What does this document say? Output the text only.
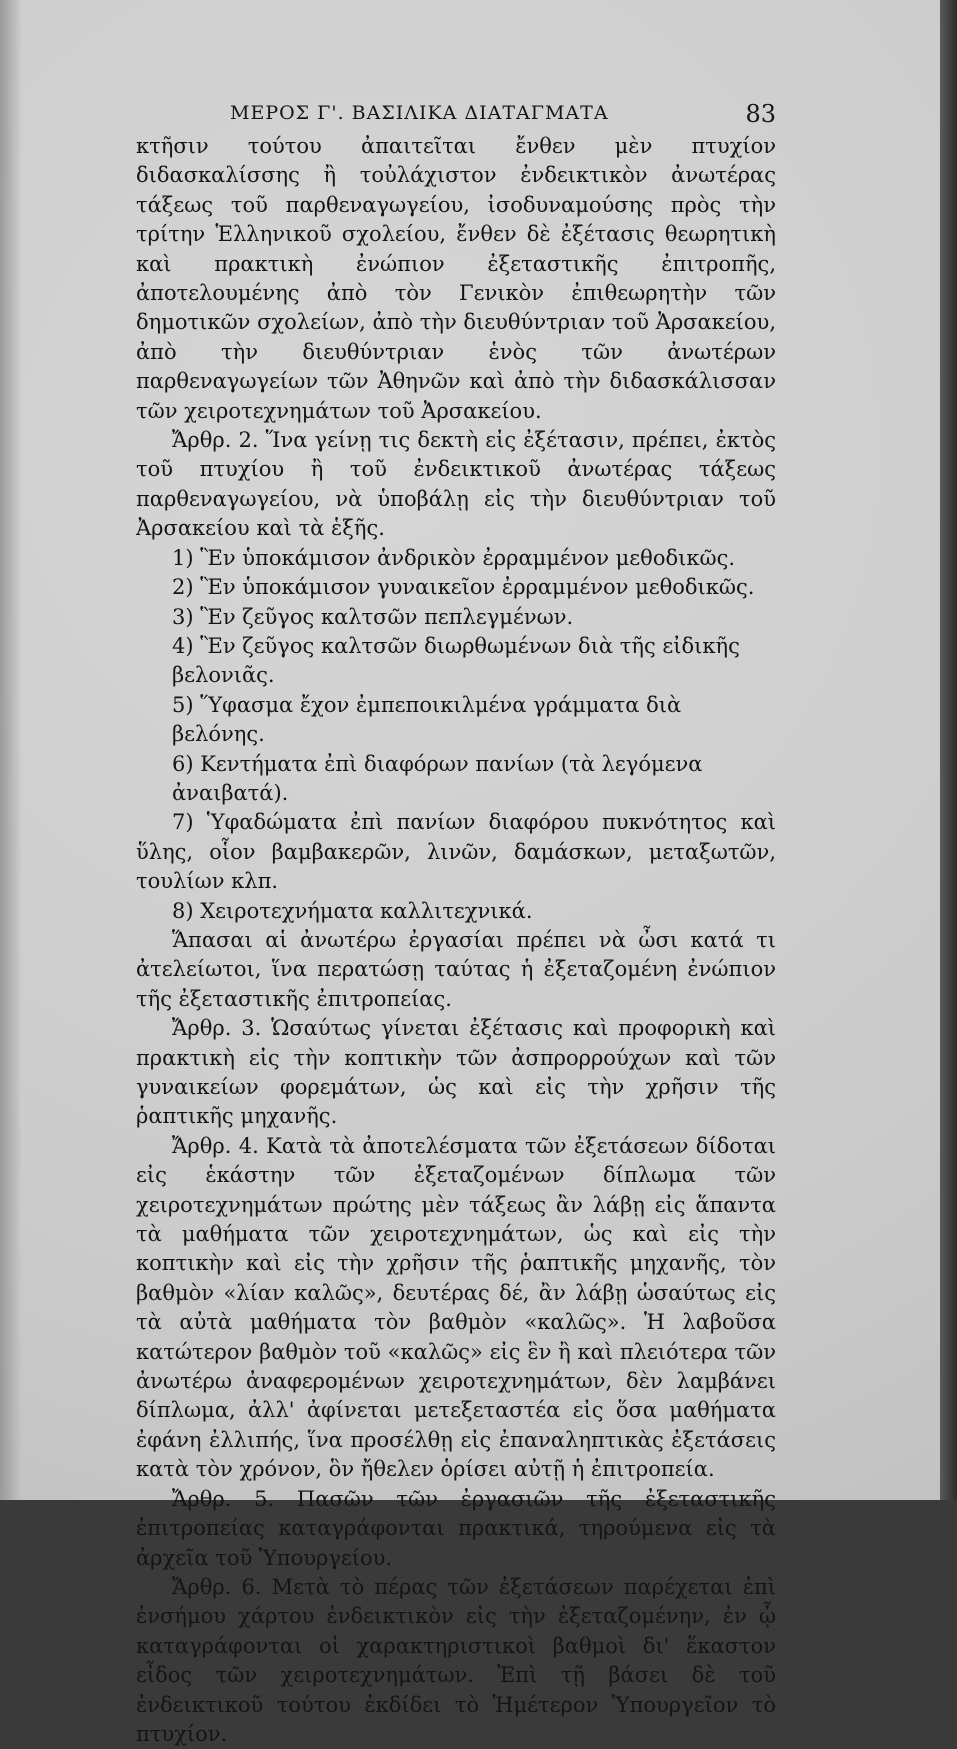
ΜΕΡΟΣ Γ'. ΒΑΣΙΛΙΚΑ ΔΙΑΤΑΓΜΑΤΑ	83

κτῆσιν τούτου ἀπαιτεῖται ἔνθεν μὲν πτυχίον διδασκαλίσσης ἢ τοὐλάχιστον ἐνδεικτικὸν ἀνωτέρας τάξεως τοῦ παρθεναγωγείου, ἰσοδυναμούσης πρὸς τὴν τρίτην Ἑλληνικοῦ σχολείου, ἔνθεν δὲ ἐξέτασις θεωρητικὴ καὶ πρακτικὴ ἐνώπιον ἐξεταστικῆς ἐπιτροπῆς, ἀποτελουμένης ἀπὸ τὸν Γενικὸν ἐπιθεωρητὴν τῶν δημοτικῶν σχολείων, ἀπὸ τὴν διευθύντριαν τοῦ Ἀρσακείου, ἀπὸ τὴν διευθύντριαν ἑνὸς τῶν ἀνωτέρων παρθεναγωγείων τῶν Ἀθηνῶν καὶ ἀπὸ τὴν διδασκάλισσαν τῶν χειροτεχνημάτων τοῦ Ἀρσακείου.

Ἄρθρ. 2. Ἵνα γείνῃ τις δεκτὴ εἰς ἐξέτασιν, πρέπει, ἐκτὸς τοῦ πτυχίου ἢ τοῦ ἐνδεικτικοῦ ἀνωτέρας τάξεως παρθεναγωγείου, νὰ ὑποβάλῃ εἰς τὴν διευθύντριαν τοῦ Ἀρσακείου καὶ τὰ ἑξῆς.

1) Ἓν ὑποκάμισον ἀνδρικὸν ἐρραμμένον μεθοδικῶς.

2) Ἓν ὑποκάμισον γυναικεῖον ἐρραμμένον μεθοδικῶς.

3) Ἓν ζεῦγος καλτσῶν πεπλεγμένων.

4) Ἓν ζεῦγος καλτσῶν διωρθωμένων διὰ τῆς εἰδικῆς βελονιᾶς.

5) Ὕφασμα ἔχον ἐμπεποικιλμένα γράμματα διὰ βελόνης.

6) Κεντήματα ἐπὶ διαφόρων πανίων (τὰ λεγόμενα ἀναιβατά).

7) Ὑφαδώματα ἐπὶ πανίων διαφόρου πυκνότητος καὶ ὕλης, οἷον βαμβακερῶν, λινῶν, δαμάσκων, μεταξωτῶν, τουλίων κλπ.

8) Χειροτεχνήματα καλλιτεχνικά.

Ἅπασαι αἱ ἀνωτέρω ἐργασίαι πρέπει νὰ ὦσι κατά τι ἀτελείωτοι, ἵνα περατώσῃ ταύτας ἡ ἐξεταζομένη ἐνώπιον τῆς ἐξεταστικῆς ἐπιτροπείας.

Ἄρθρ. 3. Ὡσαύτως γίνεται ἐξέτασις καὶ προφορικὴ καὶ πρακτικὴ εἰς τὴν κοπτικὴν τῶν ἀσπρορρούχων καὶ τῶν γυναικείων φορεμάτων, ὡς καὶ εἰς τὴν χρῆσιν τῆς ῥαπτικῆς μηχανῆς.

Ἄρθρ. 4. Κατὰ τὰ ἀποτελέσματα τῶν ἐξετάσεων δίδοται εἰς ἑκάστην τῶν ἐξεταζομένων δίπλωμα τῶν χειροτεχνημάτων πρώτης μὲν τάξεως ἂν λάβῃ εἰς ἅπαντα τὰ μαθήματα τῶν χειροτεχνημάτων, ὡς καὶ εἰς τὴν κοπτικὴν καὶ εἰς τὴν χρῆσιν τῆς ῥαπτικῆς μηχανῆς, τὸν βαθμὸν «λίαν καλῶς», δευτέρας δέ, ἂν λάβῃ ὡσαύτως εἰς τὰ αὐτὰ μαθήματα τὸν βαθμὸν «καλῶς». Ἡ λαβοῦσα κατώτερον βαθμὸν τοῦ «καλῶς» εἰς ἓν ἢ καὶ πλειότερα τῶν ἀνωτέρω ἀναφερομένων χειροτεχνημάτων, δὲν λαμβάνει δίπλωμα, ἀλλ' ἀφίνεται μετεξεταστέα εἰς ὅσα μαθήματα ἐφάνη ἐλλιπής, ἵνα προσέλθῃ εἰς ἐπαναληπτικὰς ἐξετάσεις κατὰ τὸν χρόνον, ὃν ἤθελεν ὁρίσει αὐτῇ ἡ ἐπιτροπεία.

Ἄρθρ. 5. Πασῶν τῶν ἐργασιῶν τῆς ἐξεταστικῆς ἐπιτροπείας καταγράφονται πρακτικά, τηρούμενα εἰς τὰ ἀρχεῖα τοῦ Ὑπουργείου.

Ἄρθρ. 6. Μετὰ τὸ πέρας τῶν ἐξετάσεων παρέχεται ἐπὶ ἐνσήμου χάρτου ἐνδεικτικὸν εἰς τὴν ἐξεταζομένην, ἐν ᾧ καταγράφονται οἱ χαρακτηριστικοὶ βαθμοὶ δι' ἕκαστον εἶδος τῶν χειροτεχνημάτων. Ἐπὶ τῇ βάσει δὲ τοῦ ἐνδεικτικοῦ τούτου ἐκδίδει τὸ Ἡμέτερον Ὑπουργεῖον τὸ πτυχίον.
